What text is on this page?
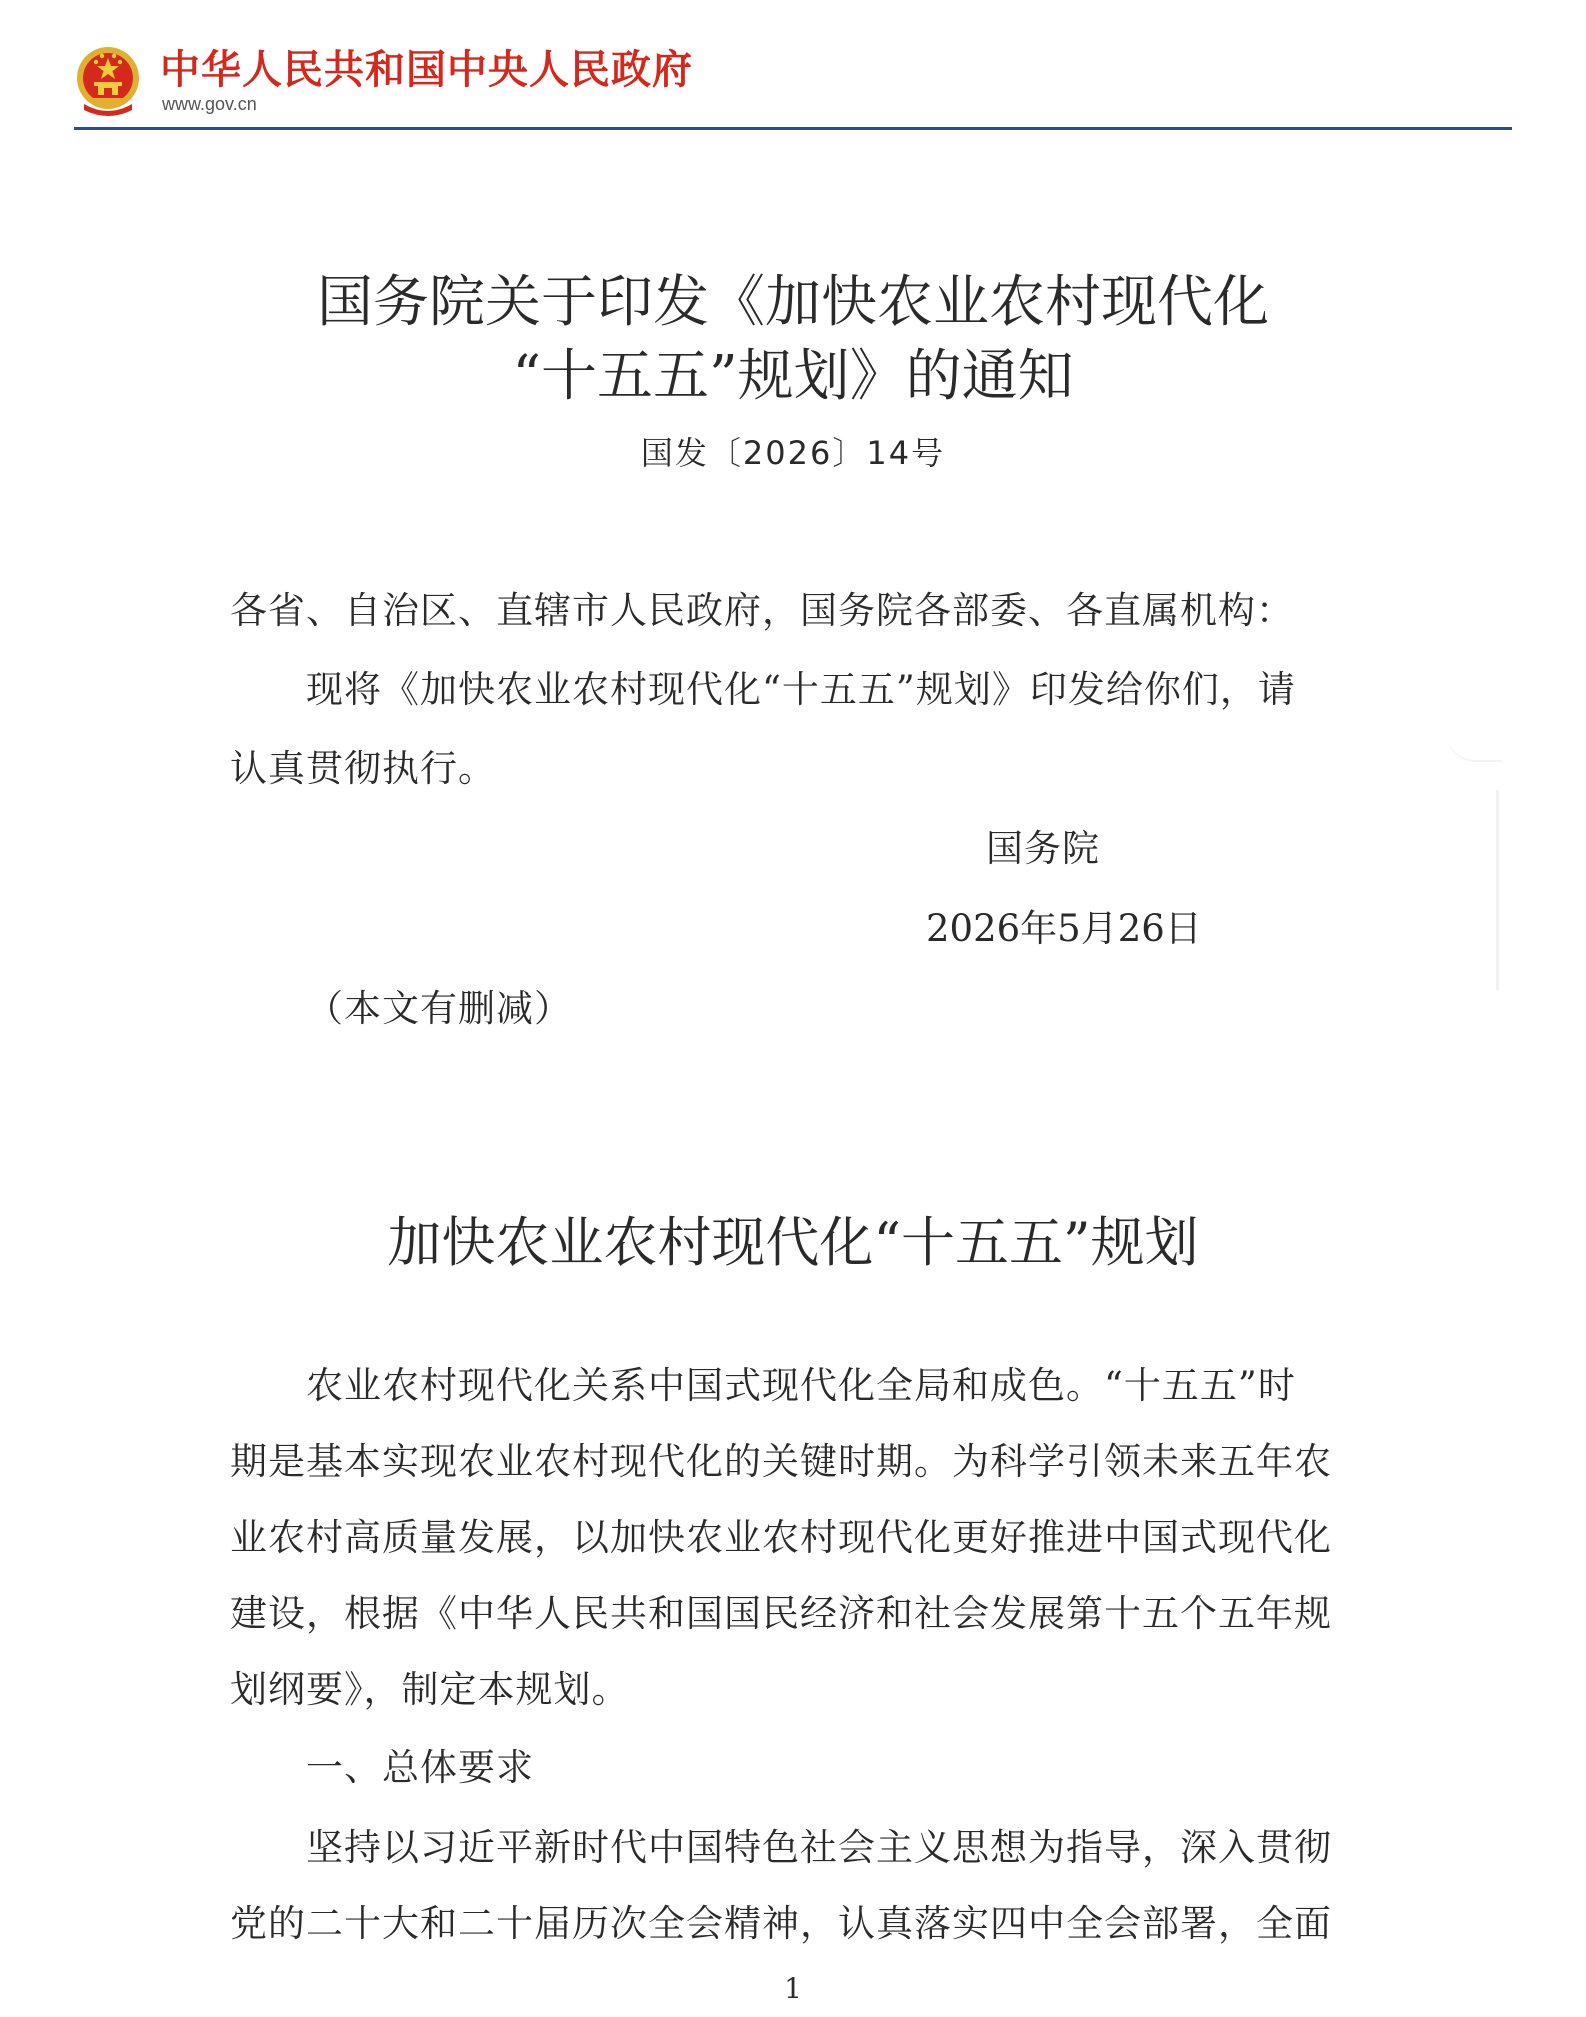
中华人民共和国中央人民政府
www.gov.cn
国务院关于印发《加快农业农村现代化
“十五五”规划》的通知
国发〔2026〕14号
各省、自治区、直辖市人民政府，国务院各部委、各直属机构：
现将《加快农业农村现代化“十五五”规划》印发给你们，请
认真贯彻执行。
国务院
2026年5月26日
（本文有删减）
加快农业农村现代化“十五五”规划
农业农村现代化关系中国式现代化全局和成色。“十五五”时
期是基本实现农业农村现代化的关键时期。为科学引领未来五年农
业农村高质量发展，以加快农业农村现代化更好推进中国式现代化
建设，根据《中华人民共和国国民经济和社会发展第十五个五年规
划纲要》，制定本规划。
一、总体要求
坚持以习近平新时代中国特色社会主义思想为指导，深入贯彻
党的二十大和二十届历次全会精神，认真落实四中全会部署，全面
1
